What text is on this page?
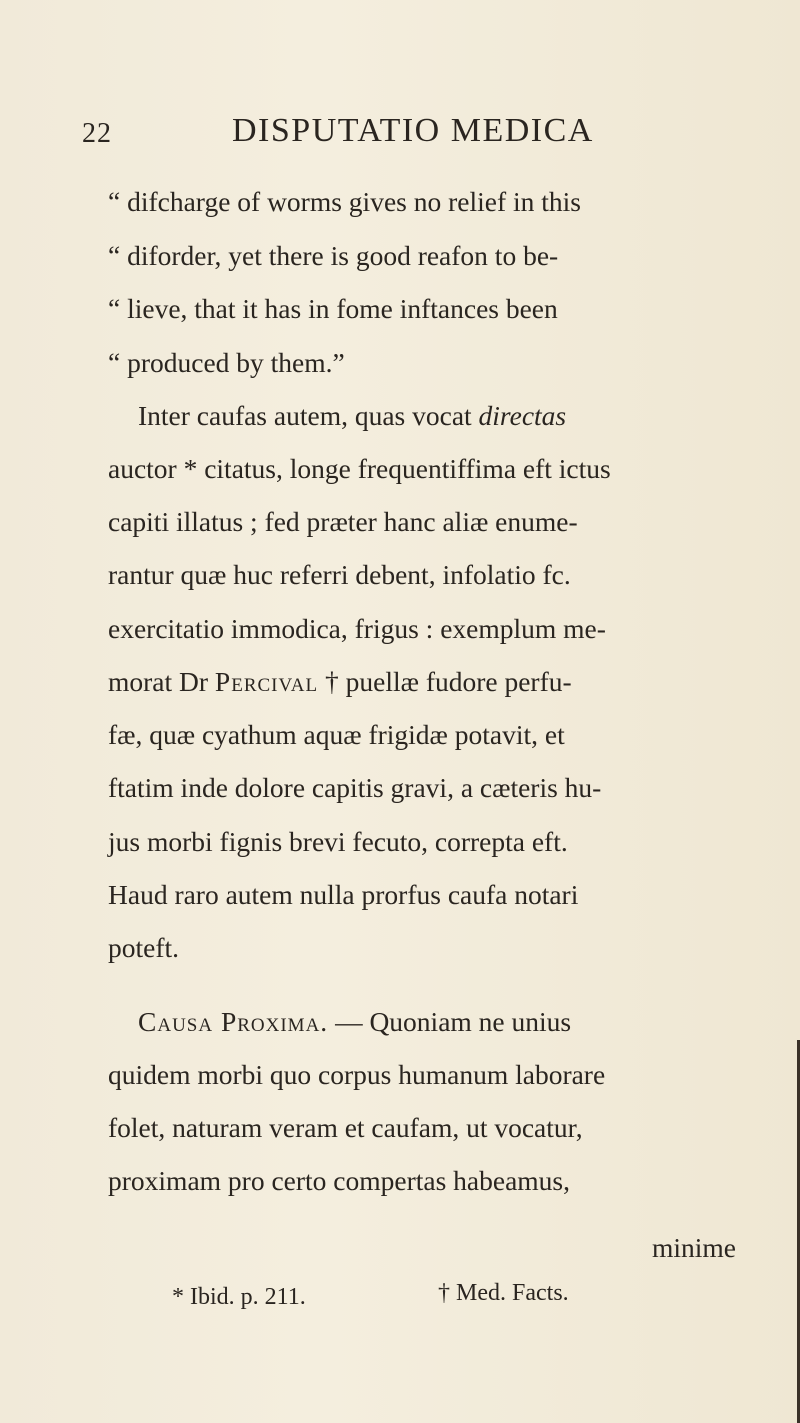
22	DISPUTATIO MEDICA
“ difcharge of worms gives no relief in this
“ diforder, yet there is good reafon to be-
“ lieve, that it has in fome inftances been
“ produced by them.”
Inter caufas autem, quas vocat directas
auctor * citatus, longe frequentiffima eft ictus
capiti illatus ; fed præter hanc aliæ enume-
rantur quæ huc referri debent, infolatio fc.
exercitatio immodica, frigus : exemplum me-
morat Dr Percival † puellæ fudore perfu-
fæ, quæ cyathum aquæ frigidæ potavit, et
ftatim inde dolore capitis gravi, a cæteris hu-
jus morbi fignis brevi fecuto, correpta eft.
Haud raro autem nulla prorfus caufa notari
poteft.
Causa Proxima. — Quoniam ne unius
quidem morbi quo corpus humanum laborare
folet, naturam veram et caufam, ut vocatur,
proximam pro certo compertas habeamus,
minime
* Ibid. p. 211.	† Med. Facts.
